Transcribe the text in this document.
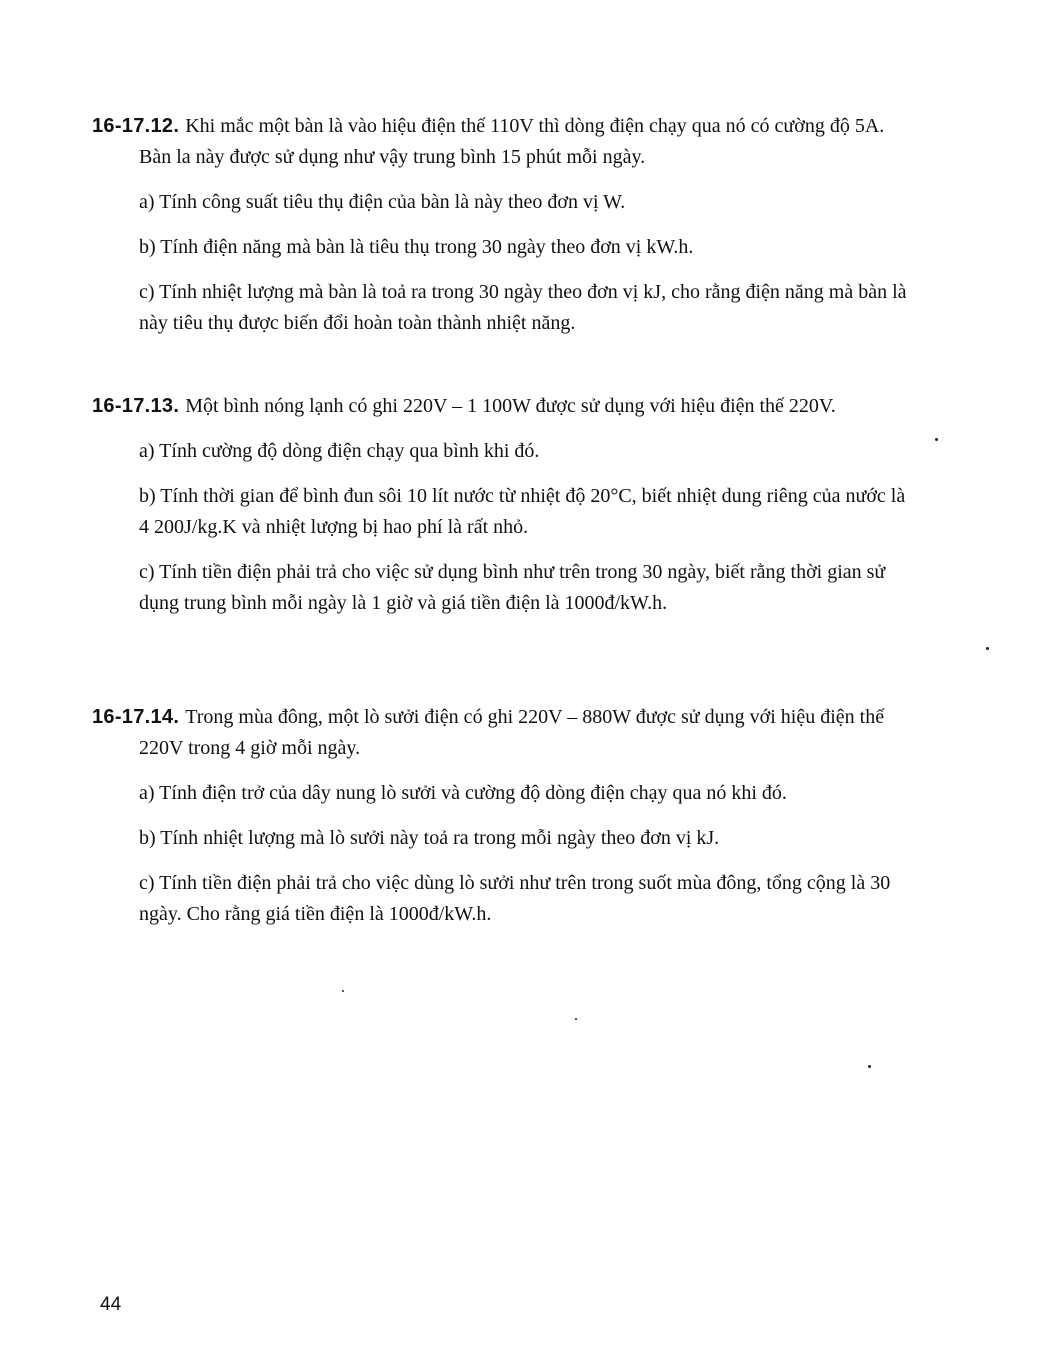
16-17.12. Khi mắc một bàn là vào hiệu điện thế 110V thì dòng điện chạy qua nó có cường độ 5A. Bàn la này được sử dụng như vậy trung bình 15 phút mỗi ngày.

a) Tính công suất tiêu thụ điện của bàn là này theo đơn vị W.

b) Tính điện năng mà bàn là tiêu thụ trong 30 ngày theo đơn vị kW.h.

c) Tính nhiệt lượng mà bàn là toả ra trong 30 ngày theo đơn vị kJ, cho rằng điện năng mà bàn là này tiêu thụ được biến đổi hoàn toàn thành nhiệt năng.

16-17.13. Một bình nóng lạnh có ghi 220V – 1 100W được sử dụng với hiệu điện thế 220V.

a) Tính cường độ dòng điện chạy qua bình khi đó.

b) Tính thời gian để bình đun sôi 10 lít nước từ nhiệt độ 20°C, biết nhiệt dung riêng của nước là 4 200J/kg.K và nhiệt lượng bị hao phí là rất nhỏ.

c) Tính tiền điện phải trả cho việc sử dụng bình như trên trong 30 ngày, biết rằng thời gian sử dụng trung bình mỗi ngày là 1 giờ và giá tiền điện là 1000đ/kW.h.

16-17.14. Trong mùa đông, một lò sưởi điện có ghi 220V – 880W được sử dụng với hiệu điện thế 220V trong 4 giờ mỗi ngày.

a) Tính điện trở của dây nung lò sưởi và cường độ dòng điện chạy qua nó khi đó.

b) Tính nhiệt lượng mà lò sưởi này toả ra trong mỗi ngày theo đơn vị kJ.

c) Tính tiền điện phải trả cho việc dùng lò sưởi như trên trong suốt mùa đông, tổng cộng là 30 ngày. Cho rằng giá tiền điện là 1000đ/kW.h.

44
